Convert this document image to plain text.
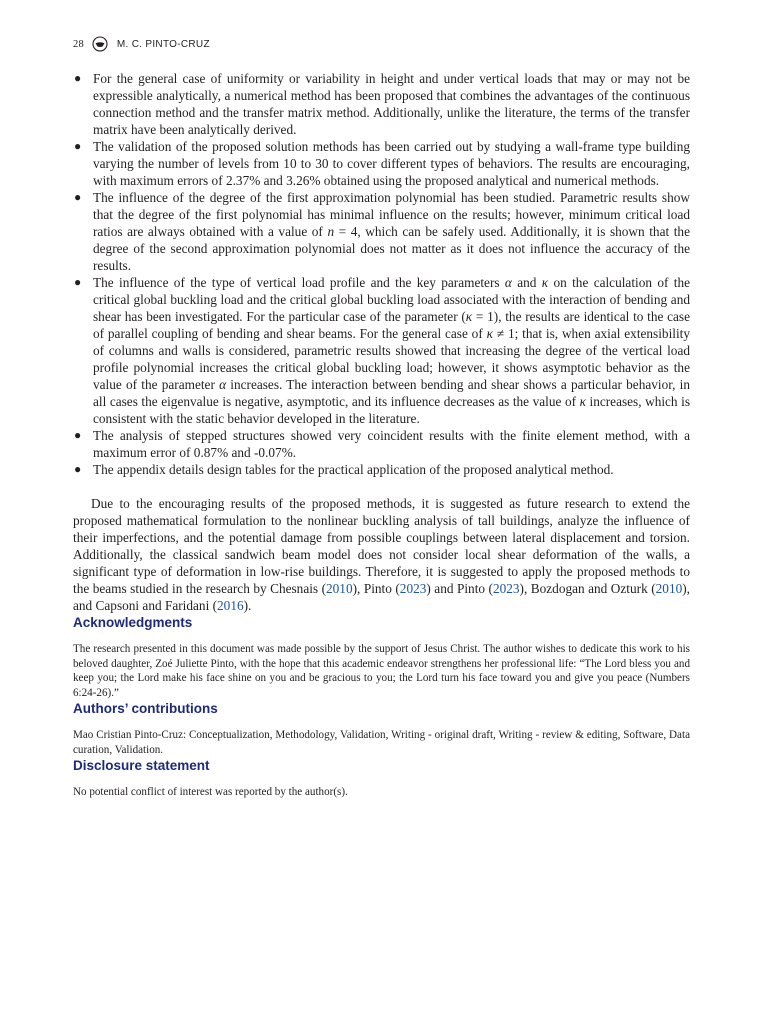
28	M. C. PINTO-CRUZ
● For the general case of uniformity or variability in height and under vertical loads that may or may not be expressible analytically, a numerical method has been proposed that combines the advantages of the continuous connection method and the transfer matrix method. Additionally, unlike the literature, the terms of the transfer matrix have been analytically derived.
● The validation of the proposed solution methods has been carried out by studying a wall-frame type building varying the number of levels from 10 to 30 to cover different types of behaviors. The results are encouraging, with maximum errors of 2.37% and 3.26% obtained using the proposed analytical and numerical methods.
● The influence of the degree of the first approximation polynomial has been studied. Parametric results show that the degree of the first polynomial has minimal influence on the results; however, minimum critical load ratios are always obtained with a value of n = 4, which can be safely used. Additionally, it is shown that the degree of the second approximation polynomial does not matter as it does not influence the accuracy of the results.
● The influence of the type of vertical load profile and the key parameters α and κ on the calculation of the critical global buckling load and the critical global buckling load associated with the interaction of bending and shear has been investigated. For the particular case of the parameter (κ = 1), the results are identical to the case of parallel coupling of bending and shear beams. For the general case of κ ≠ 1; that is, when axial extensibility of columns and walls is considered, parametric results showed that increasing the degree of the vertical load profile polynomial increases the critical global buckling load; however, it shows asymptotic behavior as the value of the parameter α increases. The interaction between bending and shear shows a particular behavior, in all cases the eigenvalue is negative, asymptotic, and its influence decreases as the value of κ increases, which is consistent with the static behavior developed in the literature.
● The analysis of stepped structures showed very coincident results with the finite element method, with a maximum error of 0.87% and -0.07%.
● The appendix details design tables for the practical application of the proposed analytical method.

Due to the encouraging results of the proposed methods, it is suggested as future research to extend the proposed mathematical formulation to the nonlinear buckling analysis of tall buildings, analyze the influence of their imperfections, and the potential damage from possible couplings between lateral displacement and torsion. Additionally, the classical sandwich beam model does not consider local shear deformation of the walls, a significant type of deformation in low-rise buildings. Therefore, it is suggested to apply the proposed methods to the beams studied in the research by Chesnais (2010), Pinto (2023) and Pinto (2023), Bozdogan and Ozturk (2010), and Capsoni and Faridani (2016).

Acknowledgments

The research presented in this document was made possible by the support of Jesus Christ. The author wishes to dedicate this work to his beloved daughter, Zoé Juliette Pinto, with the hope that this academic endeavor strengthens her professional life: “The Lord bless you and keep you; the Lord make his face shine on you and be gracious to you; the Lord turn his face toward you and give you peace (Numbers 6:24-26).”

Authors’ contributions

Mao Cristian Pinto-Cruz: Conceptualization, Methodology, Validation, Writing - original draft, Writing - review & editing, Software, Data curation, Validation.

Disclosure statement

No potential conflict of interest was reported by the author(s).
